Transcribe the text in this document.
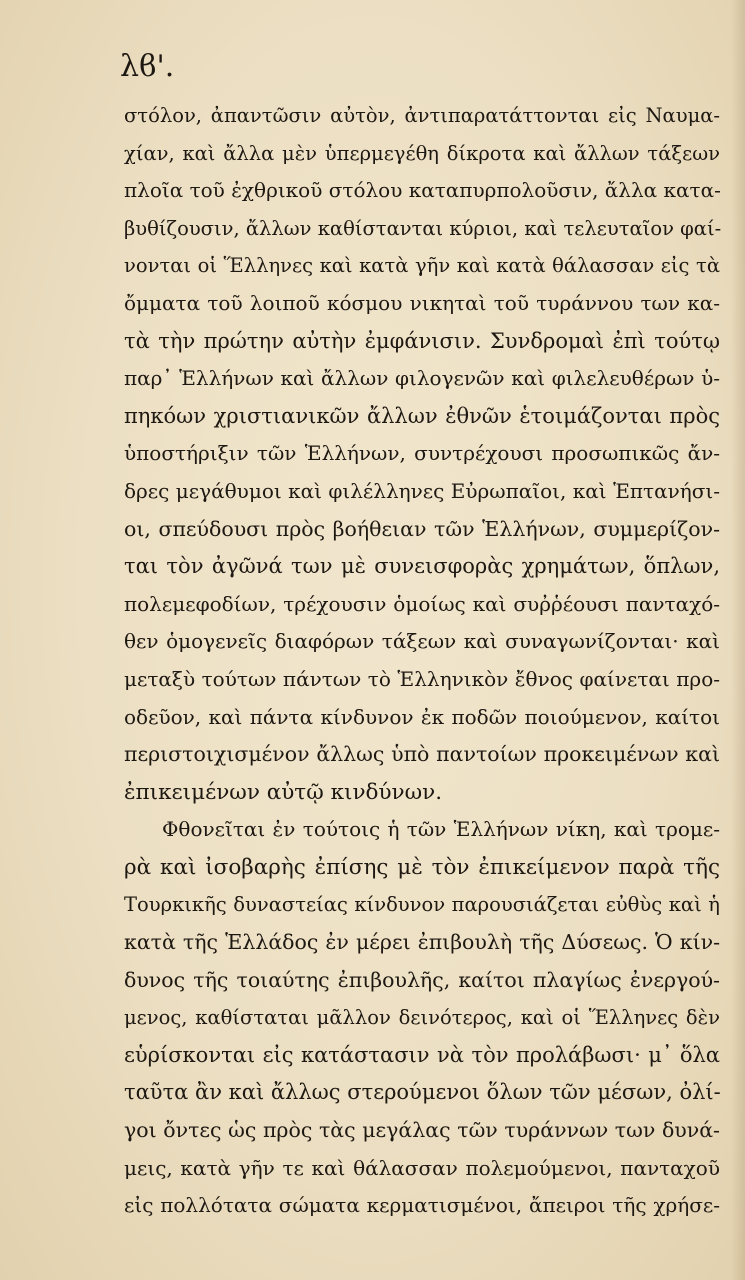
λϐ'.
στόλον, ἀπαντῶσιν αὐτὸν, ἀντιπαρατάττονται εἰς Ναυμα-
χίαν, καὶ ἄλλα μὲν ὑπερμεγέθη δίκροτα καὶ ἄλλων τάξεων
πλοῖα τοῦ ἐχθρικοῦ στόλου καταπυρπολοῦσιν, ἄλλα κατα-
βυθίζουσιν, ἄλλων καθίστανται κύριοι, καὶ τελευταῖον φαί-
νονται οἱ Ἕλληνες καὶ κατὰ γῆν καὶ κατὰ θάλασσαν εἰς τὰ
ὄμματα τοῦ λοιποῦ κόσμου νικηταὶ τοῦ τυράννου των κα-
τὰ τὴν πρώτην αὐτὴν ἐμφάνισιν. Συνδρομαὶ ἐπὶ τούτῳ
παρ᾽ Ἑλλήνων καὶ ἄλλων φιλογενῶν καὶ φιλελευθέρων ὑ-
πηκόων χριστιανικῶν ἄλλων ἐθνῶν ἑτοιμάζονται πρὸς
ὑποστήριξιν τῶν Ἑλλήνων, συντρέχουσι προσωπικῶς ἄν-
δρες μεγάθυμοι καὶ φιλέλληνες Εὐρωπαῖοι, καὶ Ἑπτανήσι-
οι, σπεύδουσι πρὸς βοήθειαν τῶν Ἑλλήνων, συμμερίζον-
ται τὸν ἀγῶνά των μὲ συνεισφορὰς χρημάτων, ὅπλων,
πολεμεφοδίων, τρέχουσιν ὁμοίως καὶ συῤῥέουσι πανταχό-
θεν ὁμογενεῖς διαφόρων τάξεων καὶ συναγωνίζονται· καὶ
μεταξὺ τούτων πάντων τὸ Ἑλληνικὸν ἔθνος φαίνεται προ-
οδεῦον, καὶ πάντα κίνδυνον ἐκ ποδῶν ποιούμενον, καίτοι
περιστοιχισμένον ἄλλως ὑπὸ παντοίων προκειμένων καὶ
ἐπικειμένων αὐτῷ κινδύνων.
Φθονεῖται ἐν τούτοις ἡ τῶν Ἑλλήνων νίκη, καὶ τρομε-
ρὰ καὶ ἰσοβαρὴς ἐπίσης μὲ τὸν ἐπικείμενον παρὰ τῆς
Τουρκικῆς δυναστείας κίνδυνον παρουσιάζεται εὐθὺς καὶ ἡ
κατὰ τῆς Ἑλλάδος ἐν μέρει ἐπιβουλὴ τῆς Δύσεως. Ὁ κίν-
δυνος τῆς τοιαύτης ἐπιβουλῆς, καίτοι πλαγίως ἐνεργού-
μενος, καθίσταται μᾶλλον δεινότερος, καὶ οἱ Ἕλληνες δὲν
εὑρίσκονται εἰς κατάστασιν νὰ τὸν προλάβωσι· μ᾽ ὅλα
ταῦτα ἂν καὶ ἄλλως στερούμενοι ὅλων τῶν μέσων, ὀλί-
γοι ὄντες ὡς πρὸς τὰς μεγάλας τῶν τυράννων των δυνά-
μεις, κατὰ γῆν τε καὶ θάλασσαν πολεμούμενοι, πανταχοῦ
εἰς πολλότατα σώματα κερματισμένοι, ἄπειροι τῆς χρήσε-
